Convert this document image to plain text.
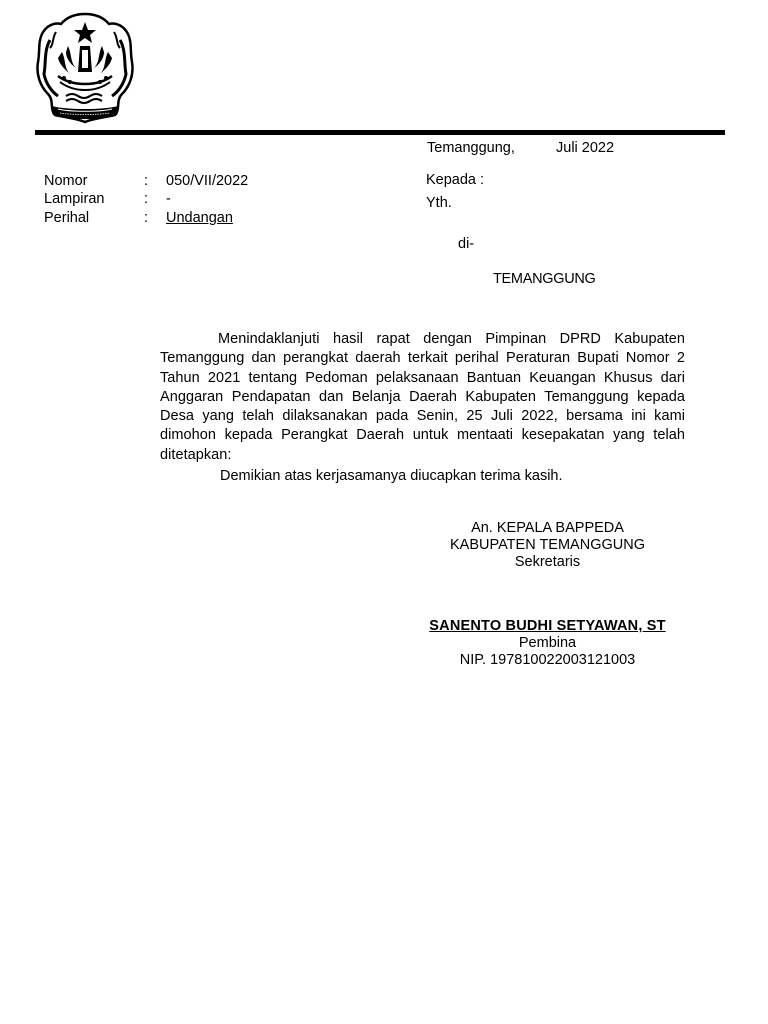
Temanggung,	Juli 2022
Nomor	: 050/VII/2022
Lampiran	: -
Perihal	: Undangan
Kepada :
Yth.
di-
TEMANGGUNG
Menindaklanjuti hasil rapat dengan Pimpinan DPRD Kabupaten Temanggung dan perangkat daerah terkait perihal Peraturan Bupati Nomor 2 Tahun 2021 tentang Pedoman pelaksanaan Bantuan Keuangan Khusus dari Anggaran Pendapatan dan Belanja Daerah Kabupaten Temanggung kepada Desa yang telah dilaksanakan pada Senin, 25 Juli 2022, bersama ini kami dimohon kepada Perangkat Daerah untuk mentaati kesepakatan yang telah ditetapkan:
Demikian atas kerjasamanya diucapkan terima kasih.
An. KEPALA BAPPEDA
KABUPATEN TEMANGGUNG
Sekretaris
SANENTO BUDHI SETYAWAN, ST
Pembina
NIP. 197810022003121003
